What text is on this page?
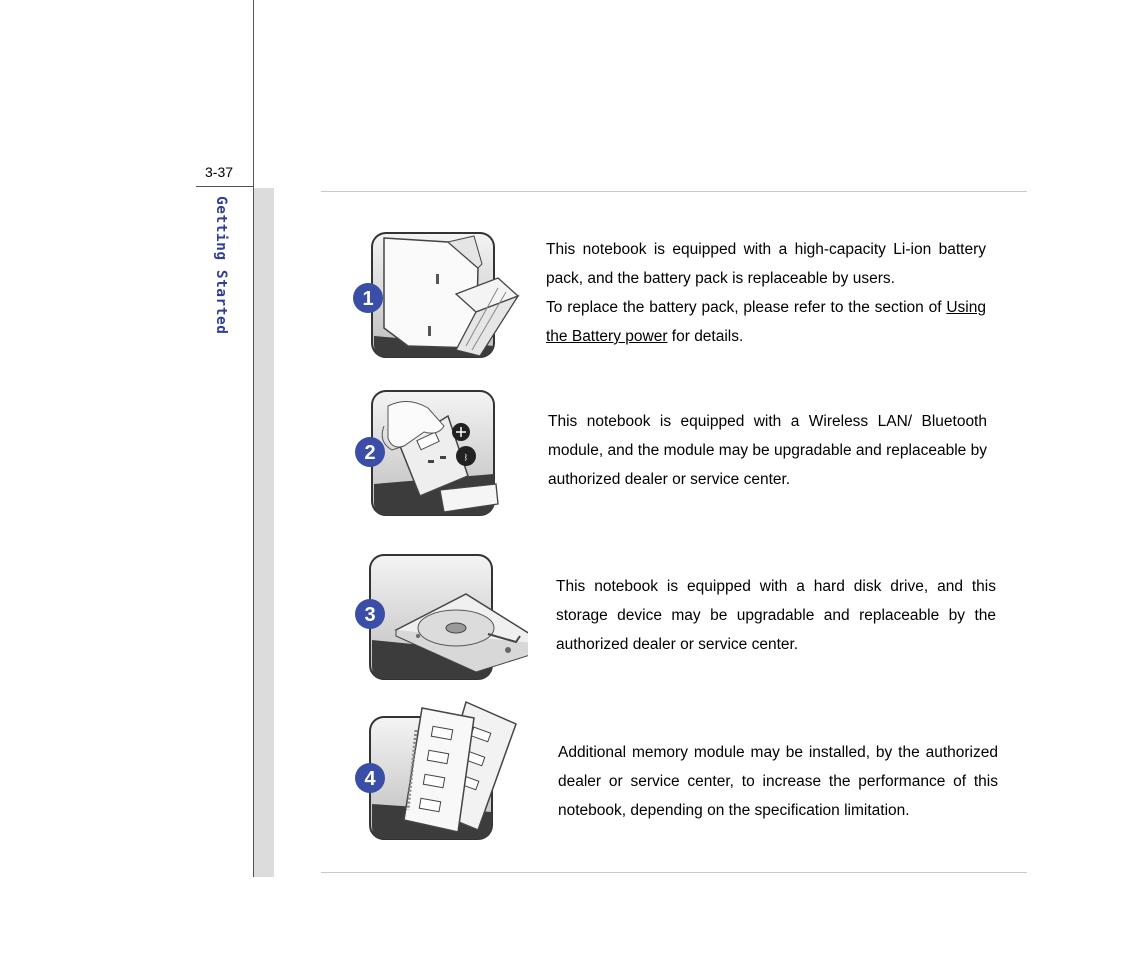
3-37
Getting Started	1
This notebook is equipped with a high-capacity Li-ion battery pack, and the battery pack is replaceable by users.
To replace the battery pack, please refer to the section of Using the Battery power for details.
ᛒ
2
This notebook is equipped with a Wireless LAN/ Bluetooth module, and the module may be upgradable and replaceable by authorized dealer or service center.
3
This notebook is equipped with a hard disk drive, and this storage device may be upgradable and replaceable by the authorized dealer or service center.
4
Additional memory module may be installed, by the authorized dealer or service center, to increase the performance of this notebook, depending on the specification limitation.
